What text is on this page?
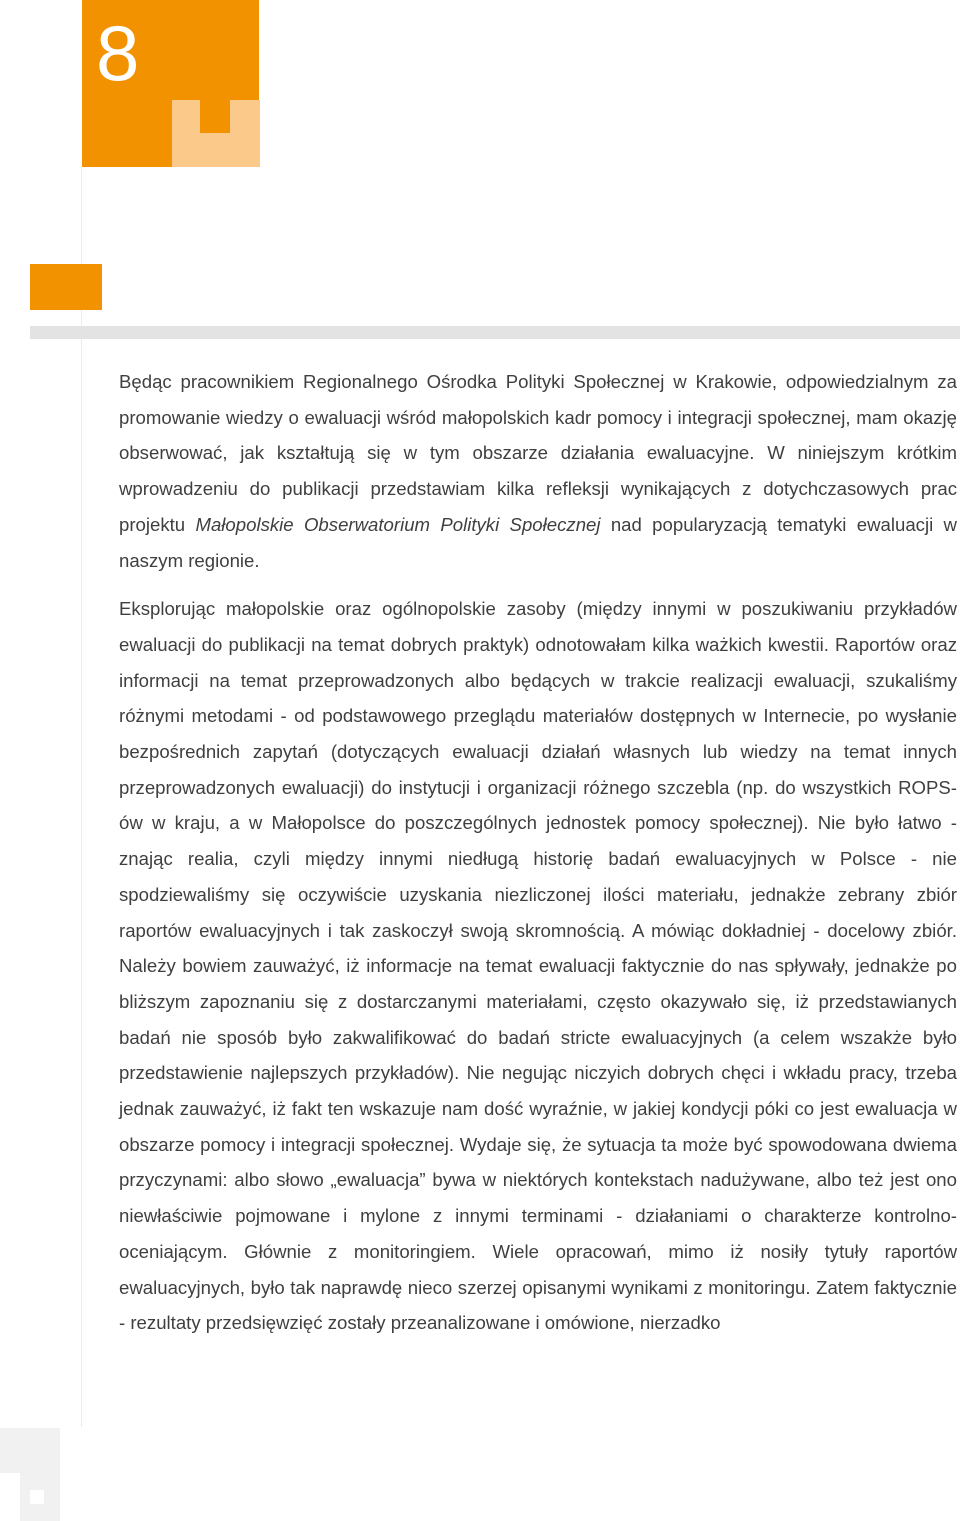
8

Będąc pracownikiem Regionalnego Ośrodka Polityki Społecznej w Krakowie, odpowiedzialnym za promowanie wiedzy o ewaluacji wśród małopolskich kadr pomocy i integracji społecznej, mam okazję obserwować, jak kształtują się w tym obszarze działania ewaluacyjne. W niniejszym krótkim wprowadzeniu do publikacji przedstawiam kilka refleksji wynikających z dotychczasowych prac projektu Małopolskie Obserwatorium Polityki Społecznej nad popularyzacją tematyki ewaluacji w naszym regionie.

Eksplorując małopolskie oraz ogólnopolskie zasoby (między innymi w poszukiwaniu przykładów ewaluacji do publikacji na temat dobrych praktyk) odnotowałam kilka ważkich kwestii. Raportów oraz informacji na temat przeprowadzonych albo będących w trakcie realizacji ewaluacji, szukaliśmy różnymi metodami - od podstawowego przeglądu materiałów dostępnych w Internecie, po wysłanie bezpośrednich zapytań (dotyczących ewaluacji działań własnych lub wiedzy na temat innych przeprowadzonych ewaluacji) do instytucji i organizacji różnego szczebla (np. do wszystkich ROPS-ów w kraju, a w Małopolsce do poszczególnych jednostek pomocy społecznej). Nie było łatwo - znając realia, czyli między innymi niedługą historię badań ewaluacyjnych w Polsce - nie spodziewaliśmy się oczywiście uzyskania niezliczonej ilości materiału, jednakże zebrany zbiór raportów ewaluacyjnych i tak zaskoczył swoją skromnością. A mówiąc dokładniej - docelowy zbiór. Należy bowiem zauważyć, iż informacje na temat ewaluacji faktycznie do nas spływały, jednakże po bliższym zapoznaniu się z dostarczanymi materiałami, często okazywało się, iż przedstawianych badań nie sposób było zakwalifikować do badań stricte ewaluacyjnych (a celem wszakże było przedstawienie najlepszych przykładów). Nie negując niczyich dobrych chęci i wkładu pracy, trzeba jednak zauważyć, iż fakt ten wskazuje nam dość wyraźnie, w jakiej kondycji póki co jest ewaluacja w obszarze pomocy i integracji społecznej. Wydaje się, że sytuacja ta może być spowodowana dwiema przyczynami: albo słowo „ewaluacja” bywa w niektórych kontekstach nadużywane, albo też jest ono niewłaściwie pojmowane i mylone z innymi terminami - działaniami o charakterze kontrolno-oceniającym. Głównie z monitoringiem. Wiele opracowań, mimo iż nosiły tytuły raportów ewaluacyjnych, było tak naprawdę nieco szerzej opisanymi wynikami z monitoringu. Zatem faktycznie - rezultaty przedsięwzięć zostały przeanalizowane i omówione, nierzadko
